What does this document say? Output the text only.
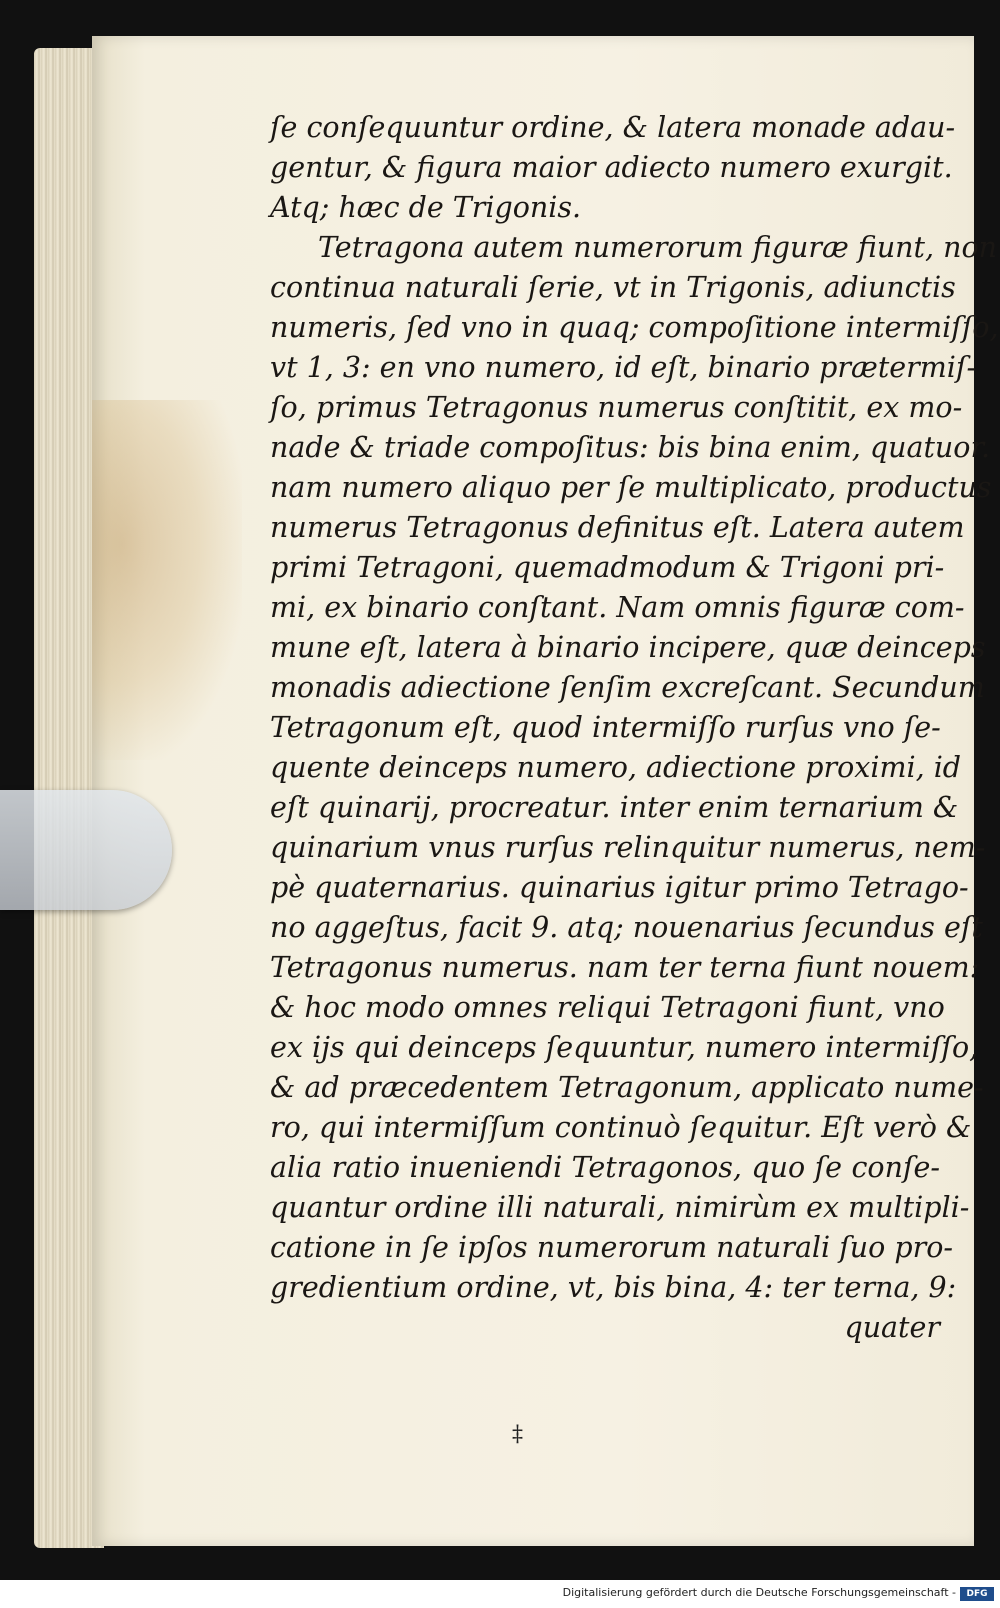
ſe conſequuntur ordine, & latera monade adau-
gentur, & figura maior adiecto numero exurgit.
Atq; hæc de Trigonis.
Tetragona autem numerorum figuræ fiunt, non
continua naturali ſerie, vt in Trigonis, adiunctis
numeris, ſed vno in quaq; compoſitione intermiſſo,
vt 1, 3: en vno numero, id eſt, binario prætermiſ-
ſo, primus Tetragonus numerus conſtitit, ex mo-
nade & triade compoſitus: bis bina enim, quatuor.
nam numero aliquo per ſe multiplicato, productus
numerus Tetragonus definitus eſt. Latera autem
primi Tetragoni, quemadmodum & Trigoni pri-
mi, ex binario conſtant. Nam omnis figuræ com-
mune eſt, latera à binario incipere, quæ deinceps
monadis adiectione ſenſim excreſcant. Secundum
Tetragonum eſt, quod intermiſſo rurſus vno ſe-
quente deinceps numero, adiectione proximi, id
eſt quinarij, procreatur. inter enim ternarium &
quinarium vnus rurſus relinquitur numerus, nem-
pè quaternarius. quinarius igitur primo Tetrago-
no aggeſtus, facit 9. atq; nouenarius ſecundus eſt
Tetragonus numerus. nam ter terna fiunt nouem:
& hoc modo omnes reliqui Tetragoni fiunt, vno
ex ijs qui deinceps ſequuntur, numero intermiſſo,
& ad præcedentem Tetragonum, applicato nume-
ro, qui intermiſſum continuò ſequitur. Eſt verò &
alia ratio inueniendi Tetragonos, quo ſe conſe-
quantur ordine illi naturali, nimirùm ex multipli-
catione in ſe ipſos numerorum naturali ſuo pro-
gredientium ordine, vt, bis bina, 4: ter terna, 9:
quater
‡
Digitalisierung gefördert durch die Deutsche Forschungsgemeinschaft -	DFG
